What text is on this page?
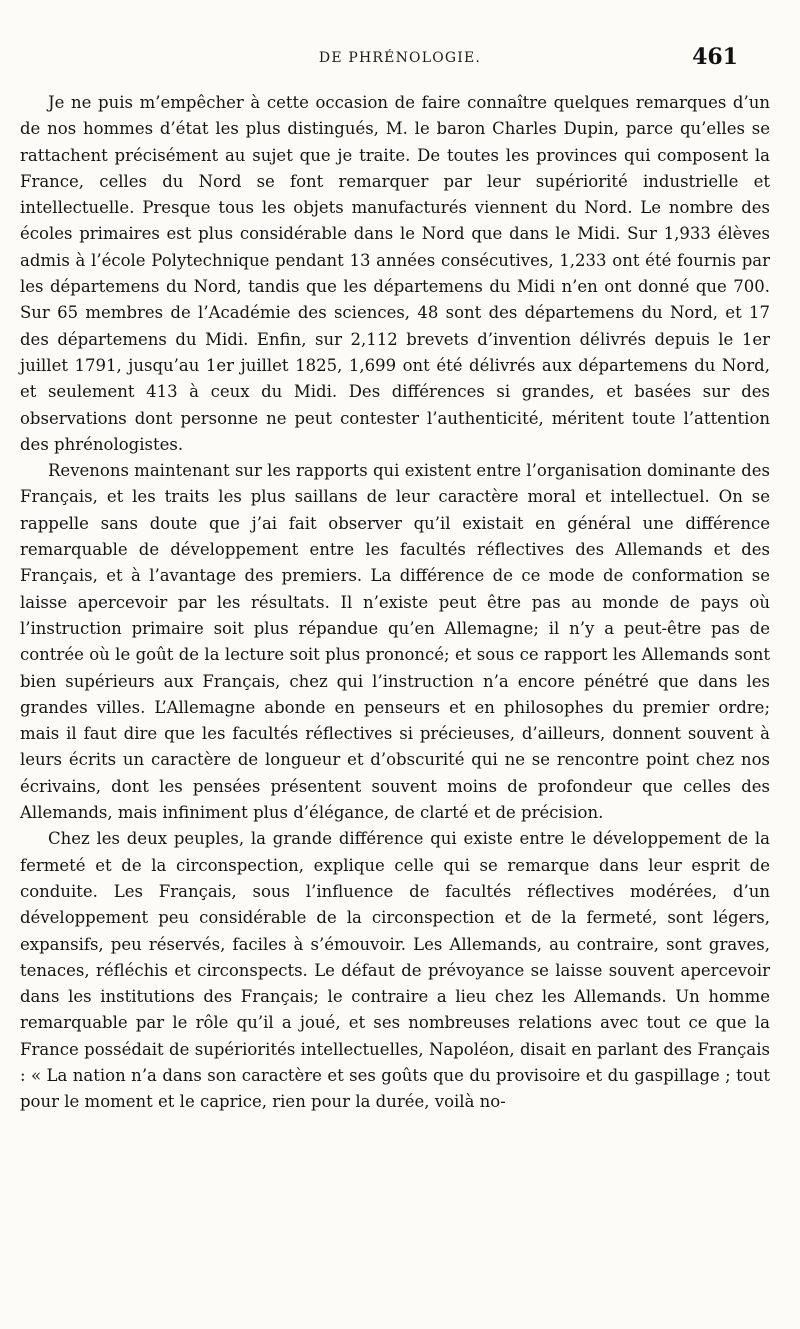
DE PHRÉNOLOGIE.	461

Je ne puis m’empêcher à cette occasion de faire connaître quelques remarques d’un de nos hommes d’état les plus distingués, M. le baron Charles Dupin, parce qu’elles se rattachent précisément au sujet que je traite. De toutes les provinces qui composent la France, celles du Nord se font remarquer par leur supériorité industrielle et intellectuelle. Presque tous les objets manufacturés viennent du Nord. Le nombre des écoles primaires est plus considérable dans le Nord que dans le Midi. Sur 1,933 élèves admis à l’école Polytechnique pendant 13 années consécutives, 1,233 ont été fournis par les départemens du Nord, tandis que les départemens du Midi n’en ont donné que 700. Sur 65 membres de l’Académie des sciences, 48 sont des départemens du Nord, et 17 des départemens du Midi. Enfin, sur 2,112 brevets d’invention délivrés depuis le 1er juillet 1791, jusqu’au 1er juillet 1825, 1,699 ont été délivrés aux départemens du Nord, et seulement 413 à ceux du Midi. Des différences si grandes, et basées sur des observations dont personne ne peut contester l’authenticité, méritent toute l’attention des phrénologistes.

Revenons maintenant sur les rapports qui existent entre l’organisation dominante des Français, et les traits les plus saillans de leur caractère moral et intellectuel. On se rappelle sans doute que j’ai fait observer qu’il existait en général une différence remarquable de développement entre les facultés réflectives des Allemands et des Français, et à l’avantage des premiers. La différence de ce mode de conformation se laisse apercevoir par les résultats. Il n’existe peut être pas au monde de pays où l’instruction primaire soit plus répandue qu’en Allemagne; il n’y a peut-être pas de contrée où le goût de la lecture soit plus prononcé; et sous ce rapport les Allemands sont bien supérieurs aux Français, chez qui l’instruction n’a encore pénétré que dans les grandes villes. L’Allemagne abonde en penseurs et en philosophes du premier ordre; mais il faut dire que les facultés réflectives si précieuses, d’ailleurs, donnent souvent à leurs écrits un caractère de longueur et d’obscurité qui ne se rencontre point chez nos écrivains, dont les pensées présentent souvent moins de profondeur que celles des Allemands, mais infiniment plus d’élégance, de clarté et de précision.

Chez les deux peuples, la grande différence qui existe entre le développement de la fermeté et de la circonspection, explique celle qui se remarque dans leur esprit de conduite. Les Français, sous l’influence de facultés réflectives modérées, d’un développement peu considérable de la circonspection et de la fermeté, sont légers, expansifs, peu réservés, faciles à s’émouvoir. Les Allemands, au contraire, sont graves, tenaces, réfléchis et circonspects. Le défaut de prévoyance se laisse souvent apercevoir dans les institutions des Français; le contraire a lieu chez les Allemands. Un homme remarquable par le rôle qu’il a joué, et ses nombreuses relations avec tout ce que la France possédait de supériorités intellectuelles, Napoléon, disait en parlant des Français : « La nation n’a dans son caractère et ses goûts que du provisoire et du gaspillage ; tout pour le moment et le caprice, rien pour la durée, voilà no-
